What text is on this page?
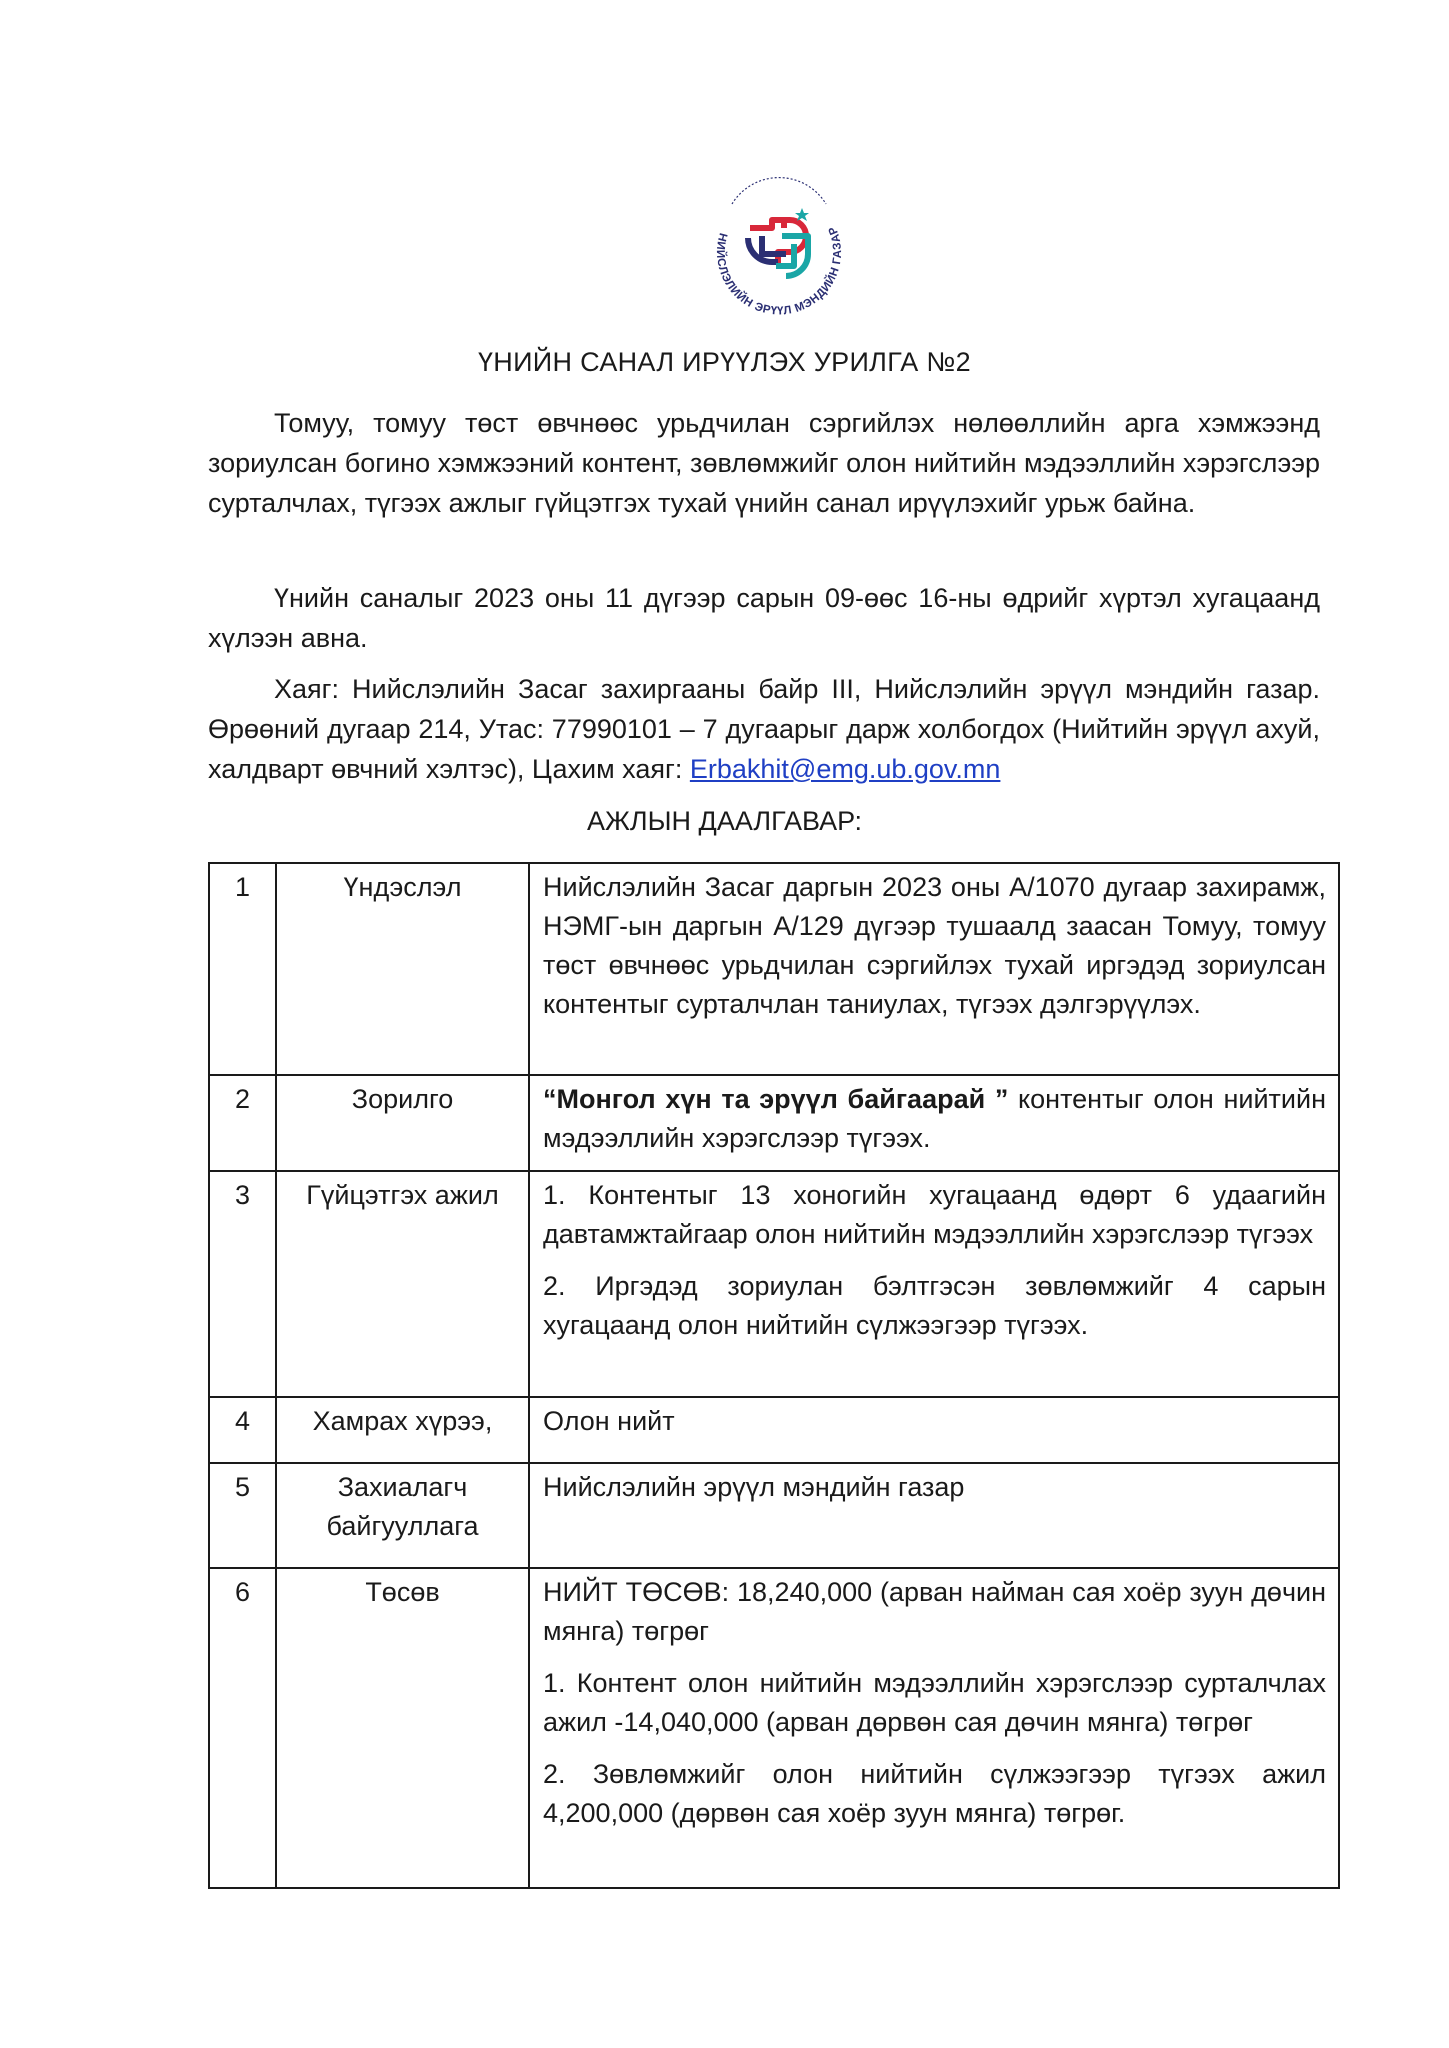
НИЙСЛЭЛИЙН ЭРҮҮЛ МЭНДИЙН ГАЗАР
ҮНИЙН САНАЛ ИРҮҮЛЭХ УРИЛГА №2

Томуу, томуу төст өвчнөөс урьдчилан сэргийлэх нөлөөллийн арга хэмжээнд зориулсан богино хэмжээний контент, зөвлөмжийг олон нийтийн мэдээллийн хэрэгслээр сурталчлах, түгээх ажлыг гүйцэтгэх тухай үнийн санал ирүүлэхийг урьж байна.

Үнийн саналыг 2023 оны 11 дүгээр сарын 09-өөс 16-ны өдрийг хүртэл хугацаанд хүлээн авна.

Хаяг: Нийслэлийн Засаг захиргааны байр III, Нийслэлийн эрүүл мэндийн газар. Өрөөний дугаар 214, Утас: 77990101 – 7 дугаарыг дарж холбогдох (Нийтийн эрүүл ахуй, халдварт өвчний хэлтэс), Цахим хаяг: Erbakhit@emg.ub.gov.mn

АЖЛЫН ДААЛГАВАР:
1	Үндэслэл	Нийслэлийн Засаг даргын 2023 оны А/1070 дугаар захирамж, НЭМГ-ын даргын А/129 дүгээр тушаалд заасан Томуу, томуу төст өвчнөөс урьдчилан сэргийлэх тухай иргэдэд зориулсан контентыг сурталчлан таниулах, түгээх дэлгэрүүлэх.

2	Зорилго	“Монгол хүн та эрүүл байгаарай ” контентыг олон нийтийн мэдээллийн хэрэгслээр түгээх.

3	Гүйцэтгэх ажил	1. Контентыг 13 хоногийн хугацаанд өдөрт 6 удаагийн давтамжтайгаар олон нийтийн мэдээллийн хэрэгслээр түгээх

2. Иргэдэд зориулан бэлтгэсэн зөвлөмжийг 4 сарын хугацаанд олон нийтийн сүлжээгээр түгээх.

4	Хамрах хүрээ,	Олон нийт

5	Захиалагч байгууллага	Нийслэлийн эрүүл мэндийн газар

6	Төсөв	НИЙТ ТӨСӨВ: 18,240,000 (арван найман сая хоёр зуун дөчин мянга) төгрөг

1. Контент олон нийтийн мэдээллийн хэрэгслээр сурталчлах ажил -14,040,000 (арван дөрвөн сая дөчин мянга) төгрөг

2. Зөвлөмжийг олон нийтийн сүлжээгээр түгээх ажил 4,200,000 (дөрвөн сая хоёр зуун мянга) төгрөг.
